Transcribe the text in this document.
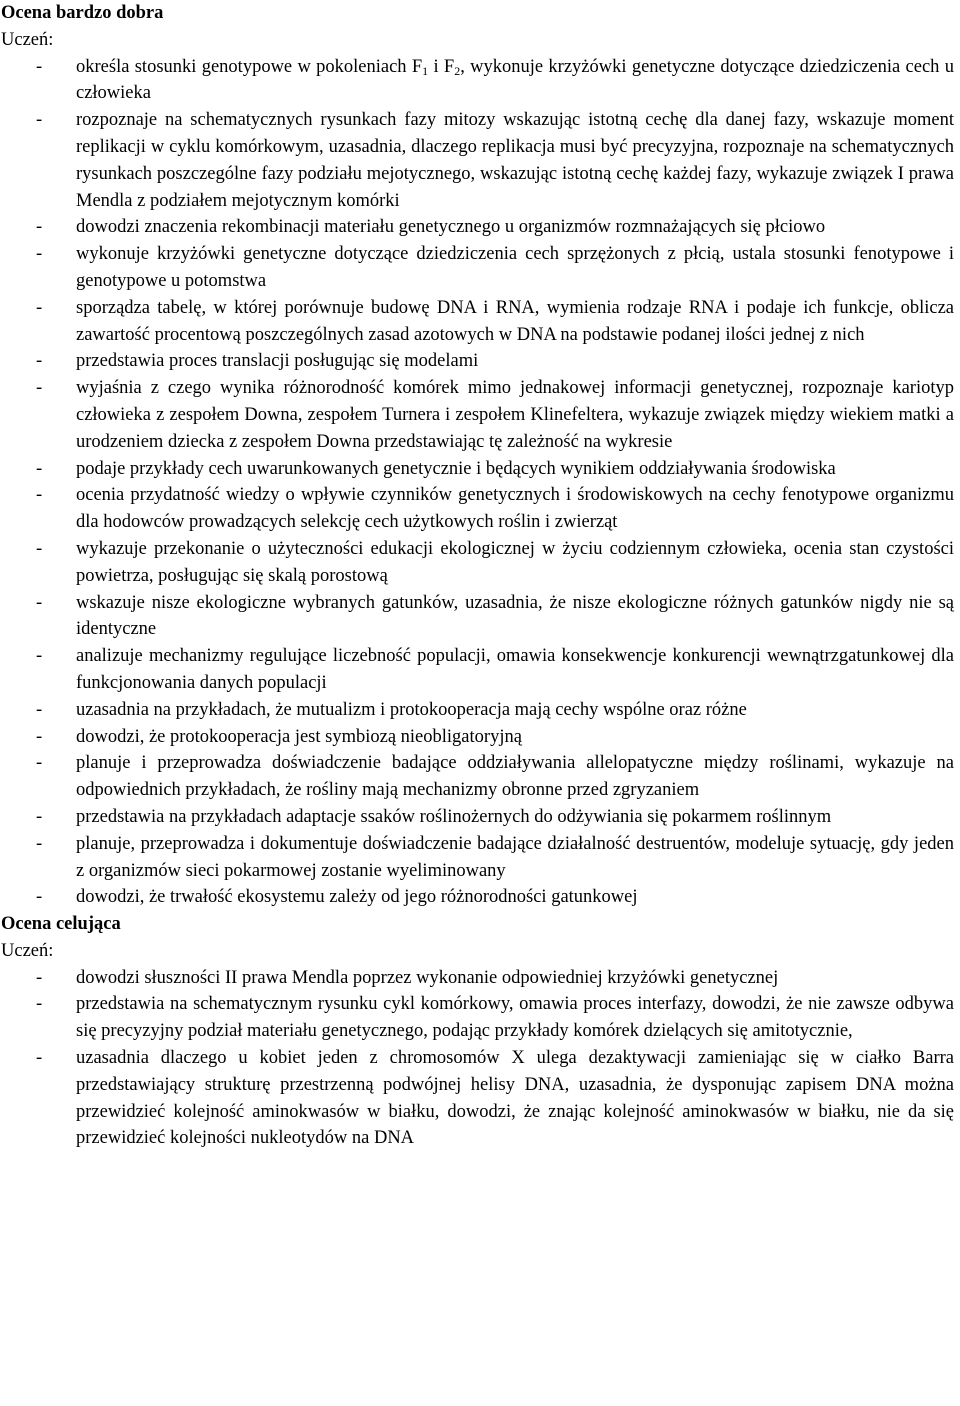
Ocena bardzo dobra

Uczeń:

- określa stosunki genotypowe w pokoleniach $F_1$ i $F_2$, wykonuje krzyżówki genetyczne dotyczące dziedziczenia cech u człowieka
- rozpoznaje na schematycznych rysunkach fazy mitozy wskazując istotną cechę dla danej fazy, wskazuje moment replikacji w cyklu komórkowym, uzasadnia, dlaczego replikacja musi być precyzyjna, rozpoznaje na schematycznych rysunkach poszczególne fazy podziału mejotycznego, wskazując istotną cechę każdej fazy, wykazuje związek I prawa Mendla z podziałem mejotycznym komórki
- dowodzi znaczenia rekombinacji materiału genetycznego u organizmów rozmnażających się płciowo
- wykonuje krzyżówki genetyczne dotyczące dziedziczenia cech sprzężonych z płcią, ustala stosunki fenotypowe i genotypowe u potomstwa
- sporządza tabelę, w której porównuje budowę DNA i RNA, wymienia rodzaje RNA i podaje ich funkcje, oblicza zawartość procentową poszczególnych zasad azotowych w DNA na podstawie podanej ilości jednej z nich
- przedstawia proces translacji posługując się modelami
- wyjaśnia z czego wynika różnorodność komórek mimo jednakowej informacji genetycznej, rozpoznaje kariotyp człowieka z zespołem Downa, zespołem Turnera i zespołem Klinefeltera, wykazuje związek między wiekiem matki a urodzeniem dziecka z zespołem Downa przedstawiając tę zależność na wykresie
- podaje przykłady cech uwarunkowanych genetycznie i będących wynikiem oddziaływania środowiska
- ocenia przydatność wiedzy o wpływie czynników genetycznych i środowiskowych na cechy fenotypowe organizmu dla hodowców prowadzących selekcję cech użytkowych roślin i zwierząt
- wykazuje przekonanie o użyteczności edukacji ekologicznej w życiu codziennym człowieka, ocenia stan czystości powietrza, posługując się skalą porostową
- wskazuje nisze ekologiczne wybranych gatunków, uzasadnia, że nisze ekologiczne różnych gatunków nigdy nie są identyczne
- analizuje mechanizmy regulujące liczebność populacji, omawia konsekwencje konkurencji wewnątrzgatunkowej dla funkcjonowania danych populacji
- uzasadnia na przykładach, że mutualizm i protokooperacja mają cechy wspólne oraz różne
- dowodzi, że protokooperacja jest symbiozą nieobligatoryjną
- planuje i przeprowadza doświadczenie badające oddziaływania allelopatyczne między roślinami, wykazuje na odpowiednich przykładach, że rośliny mają mechanizmy obronne przed zgryzaniem
- przedstawia na przykładach adaptacje ssaków roślinożernych do odżywiania się pokarmem roślinnym
- planuje, przeprowadza i dokumentuje doświadczenie badające działalność destruentów, modeluje sytuację, gdy jeden z organizmów sieci pokarmowej zostanie wyeliminowany
- dowodzi, że trwałość ekosystemu zależy od jego różnorodności gatunkowej

Ocena celująca

Uczeń:

- dowodzi słuszności II prawa Mendla poprzez wykonanie odpowiedniej krzyżówki genetycznej
- przedstawia na schematycznym rysunku cykl komórkowy, omawia proces interfazy, dowodzi, że nie zawsze odbywa się precyzyjny podział materiału genetycznego, podając przykłady komórek dzielących się amitotycznie,
- uzasadnia dlaczego u kobiet jeden z chromosomów X ulega dezaktywacji zamieniając się w ciałko Barra przedstawiający strukturę przestrzenną podwójnej helisy DNA, uzasadnia, że dysponując zapisem DNA można przewidzieć kolejność aminokwasów w białku, dowodzi, że znając kolejność aminokwasów w białku, nie da się przewidzieć kolejności nukleotydów na DNA
